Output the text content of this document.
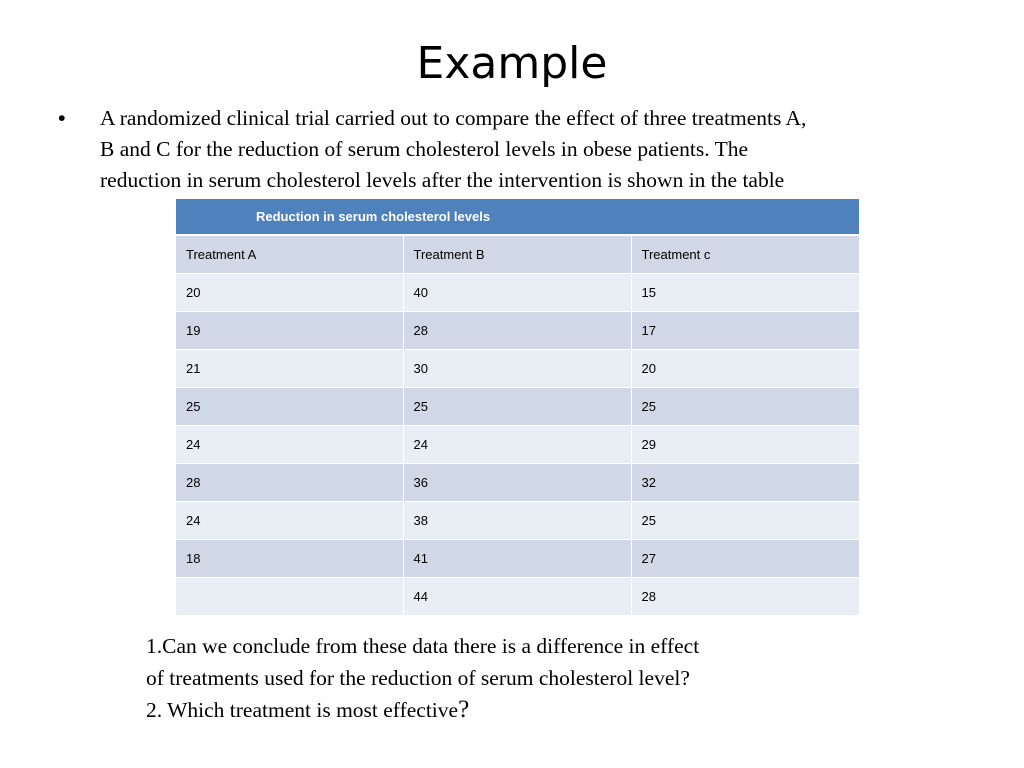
Example
• A randomized clinical trial carried out to compare the effect of three treatments A,
B and C for the reduction of serum cholesterol levels in obese patients. The
reduction in serum cholesterol levels after the intervention is shown in the table
Reduction in serum cholesterol levels		
Treatment A	Treatment B	Treatment c
20	40	15
19	28	17
21	30	20
25	25	25
24	24	29
28	36	32
24	38	25
18	41	27
	44	28
1.Can we conclude from these data there is a difference in effect
of treatments used for the reduction of serum cholesterol level?
2. Which treatment is most effective?
